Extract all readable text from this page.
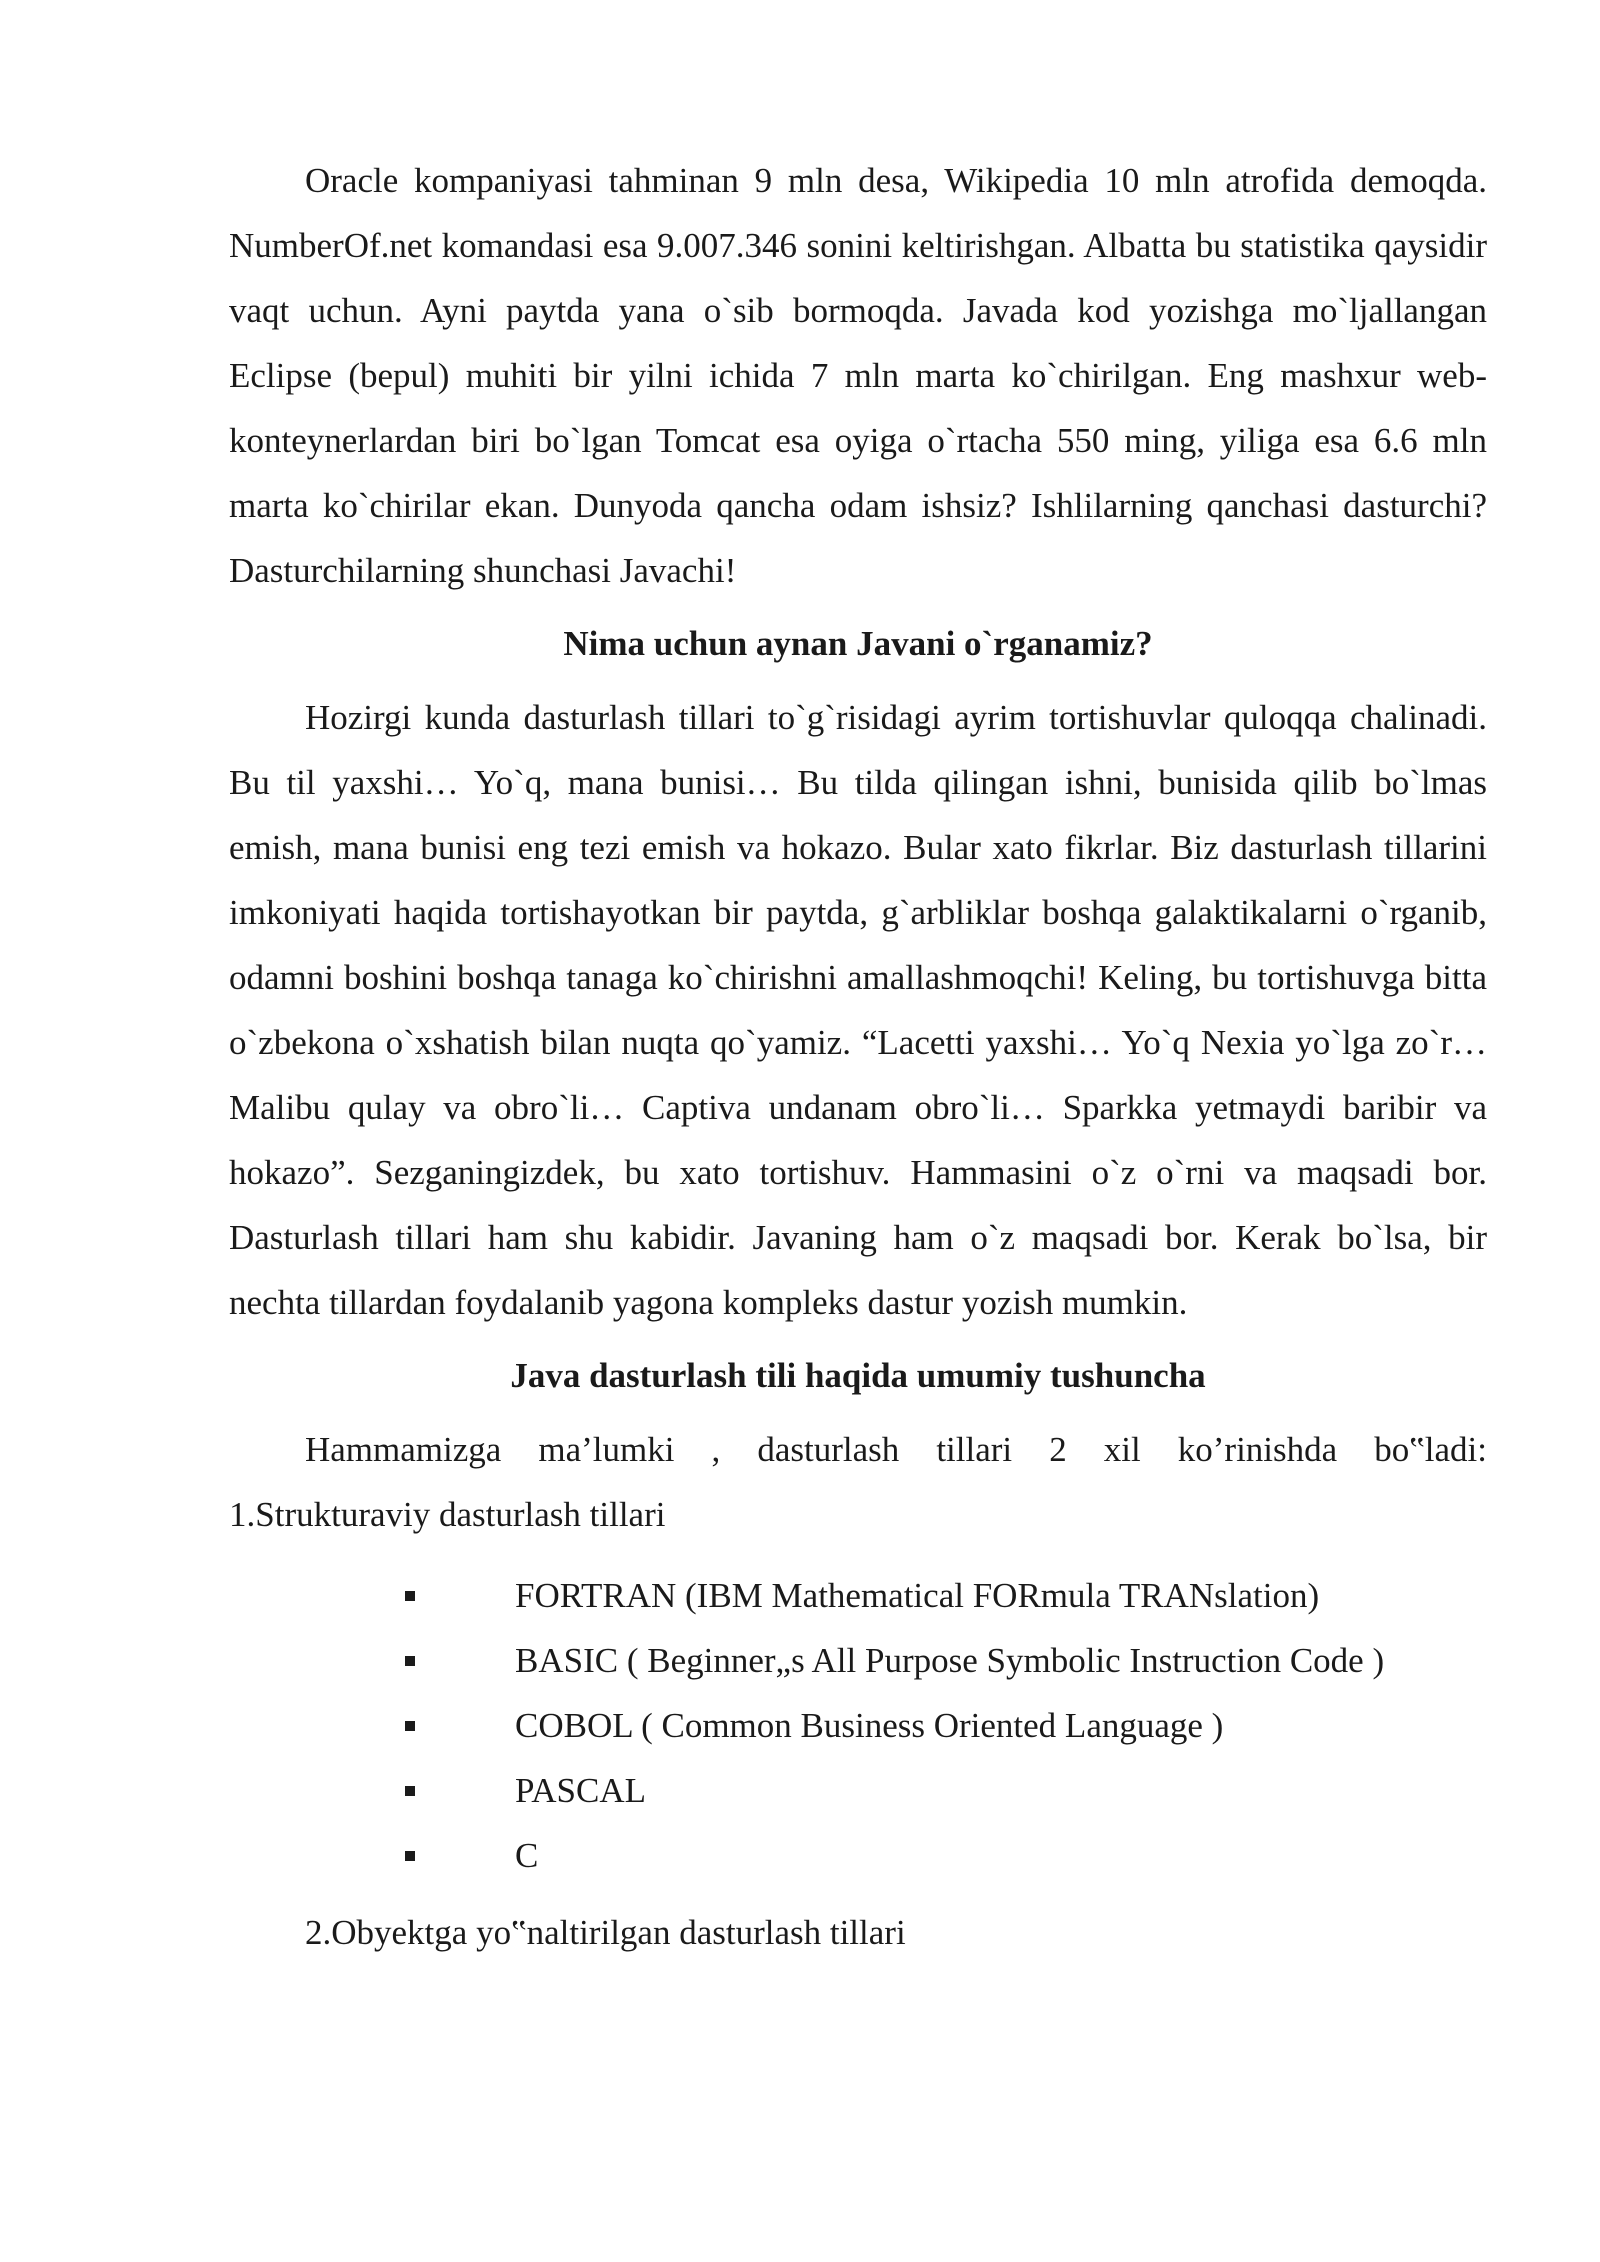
Oracle kompaniyasi tahminan 9 mln desa, Wikipedia 10 mln atrofida demoqda. NumberOf.net komandasi esa 9.007.346 sonini keltirishgan. Albatta bu statistika qaysidir vaqt uchun. Ayni paytda yana o`sib bormoqda. Javada kod yozishga mo`ljallangan Eclipse (bepul) muhiti bir yilni ichida 7 mln marta ko`chirilgan. Eng mashxur web-konteynerlardan biri bo`lgan Tomcat esa oyiga o`rtacha 550 ming, yiliga esa 6.6 mln marta ko`chirilar ekan. Dunyoda qancha odam ishsiz? Ishlilarning qanchasi dasturchi? Dasturchilarning shunchasi Javachi!

Nima uchun aynan Javani o`rganamiz?

Hozirgi kunda dasturlash tillari to`g`risidagi ayrim tortishuvlar quloqqa chalinadi. Bu til yaxshi… Yo`q, mana bunisi… Bu tilda qilingan ishni, bunisida qilib bo`lmas emish, mana bunisi eng tezi emish va hokazo. Bular xato fikrlar. Biz dasturlash tillarini imkoniyati haqida tortishayotkan bir paytda, g`arbliklar boshqa galaktikalarni o`rganib, odamni boshini boshqa tanaga ko`chirishni amallashmoqchi! Keling, bu tortishuvga bitta o`zbekona o`xshatish bilan nuqta qo`yamiz. “Lacetti yaxshi… Yo`q Nexia yo`lga zo`r… Malibu qulay va obro`li… Captiva undanam obro`li… Sparkka yetmaydi baribir va hokazo”. Sezganingizdek, bu xato tortishuv. Hammasini o`z o`rni va maqsadi bor. Dasturlash tillari ham shu kabidir. Javaning ham o`z maqsadi bor. Kerak bo`lsa, bir nechta tillardan foydalanib yagona kompleks dastur yozish mumkin.

Java dasturlash tili haqida umumiy tushuncha

Hammamizga ma’lumki , dasturlash tillari 2 xil ko’rinishda bo‟ladi:

1.Strukturaviy dasturlash tillari

FORTRAN (IBM Mathematical FORmula TRANslation)
BASIC ( Beginner„s All Purpose Symbolic Instruction Code )
COBOL ( Common Business Oriented Language )
PASCAL
C

2.Obyektga yo‟naltirilgan dasturlash tillari
